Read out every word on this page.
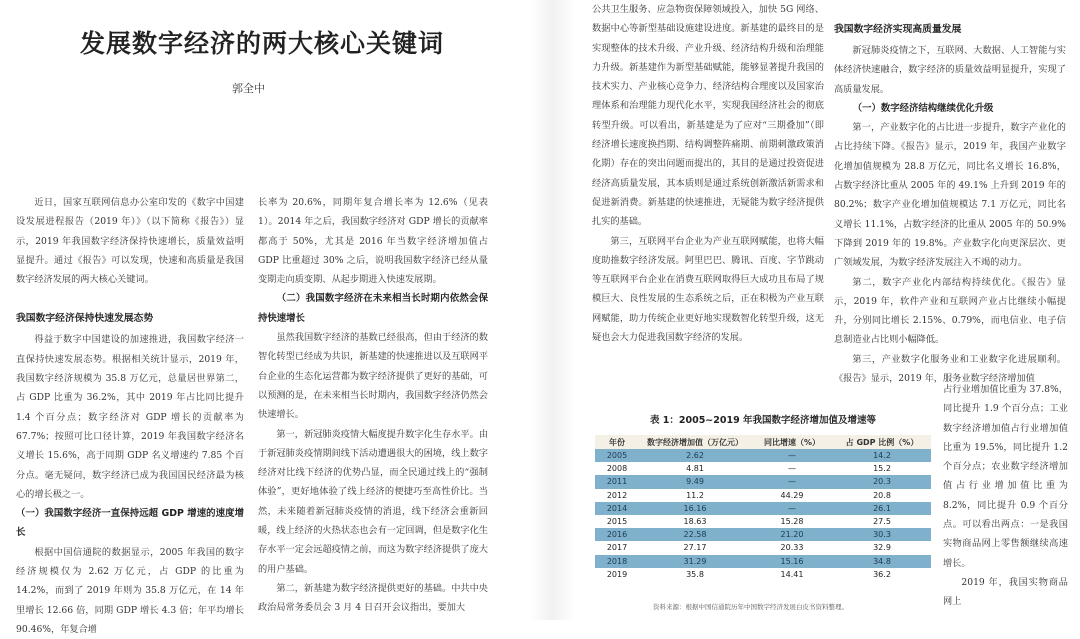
发展数字经济的两大核心关键词

郭全中

近日，国家互联网信息办公室印发的《数字中国建设发展进程报告（2019 年）》（以下简称《报告》）显示，2019 年我国数字经济保持快速增长，质量效益明显提升。通过《报告》可以发现，快速和高质量是我国数字经济发展的两大核心关键词。

我国数字经济保持快速发展态势

得益于数字中国建设的加速推进，我国数字经济一直保持快速发展态势。根据相关统计显示，2019 年，我国数字经济规模为 35.8 万亿元，总量居世界第二，占 GDP 比重为 36.2%，其中 2019 年占比同比提升 1.4 个百分点；数字经济对 GDP 增长的贡献率为 67.7%；按照可比口径计算，2019 年我国数字经济名义增长 15.6%，高于同期 GDP 名义增速约 7.85 个百分点。毫无疑问，数字经济已成为我国国民经济最为核心的增长极之一。

（一）我国数字经济一直保持远超 GDP 增速的速度增长

根据中国信通院的数据显示，2005 年我国的数字经济规模仅为 2.62 万亿元，占 GDP 的比重为 14.2%，而到了 2019 年则为 35.8 万亿元，在 14 年里增长 12.66 倍，同期 GDP 增长 4.3 倍；年平均增长 90.46%，年复合增

长率为 20.6%，同期年复合增长率为 12.6%（见表 1）。2014 年之后，我国数字经济对 GDP 增长的贡献率都高于 50%，尤其是 2016 年当数字经济增加值占 GDP 比重超过 30% 之后，说明我国数字经济已经从量变期走向质变期、从起步期进入快速发展期。

（二）我国数字经济在未来相当长时期内依然会保持快速增长

虽然我国数字经济的基数已经很高，但由于经济的数智化转型已经成为共识，新基建的快速推进以及互联网平台企业的生态化运营都为数字经济提供了更好的基础，可以预测的是，在未来相当长时期内，我国数字经济仍然会快速增长。

第一，新冠肺炎疫情大幅度提升数字化生存水平。由于新冠肺炎疫情期间线下活动遭遇很大的困境，线上数字经济对比线下经济的优势凸显，而全民通过线上的“强制体验”，更好地体验了线上经济的便捷巧至高性价比。当然，未来随着新冠肺炎疫情的消退，线下经济会重新回暖，线上经济的火热状态也会有一定回调，但是数字化生存水平一定会远超疫情之前，而这为数字经济提供了庞大的用户基础。

第二，新基建为数字经济提供更好的基础。中共中央政治局常务委员会 3 月 4 日召开会议指出，要加大

公共卫生服务、应急物资保障领域投入，加快 5G 网络、数据中心等新型基础设施建设进度。新基建的最终目的是实现整体的技术升级、产业升级、经济结构升级和治理能力升级。新基建作为新型基础赋能，能够显著提升我国的技术实力、产业核心竞争力、经济结构合理度以及国家治理体系和治理能力现代化水平，实现我国经济社会的彻底转型升级。可以看出，新基建是为了应对“三期叠加”（即经济增长速度换挡期、结构调整阵痛期、前期刺激政策消化期）存在的突出问题而提出的，其目的是通过投资促进经济高质量发展，其本质则是通过系统创新激活新需求和促进新消费。新基建的快速推进，无疑能为数字经济提供扎实的基础。

第三，互联网平台企业为产业互联网赋能，也将大幅度助推数字经济发展。阿里巴巴、腾讯、百度、字节跳动等互联网平台企业在消费互联网取得巨大成功且布局了规模巨大、良性发展的生态系统之后，正在积极为产业互联网赋能，助力传统企业更好地实现数智化转型升级，这无疑也会大力促进我国数字经济的发展。

我国数字经济实现高质量发展

新冠肺炎疫情之下，互联网、大数据、人工智能与实体经济快速融合，数字经济的质量效益明显提升，实现了高质量发展。

（一）数字经济结构继续优化升级

第一，产业数字化的占比进一步提升，数字产业化的占比持续下降。《报告》显示，2019 年，我国产业数字化增加值规模为 28.8 万亿元，同比名义增长 16.8%，占数字经济比重从 2005 年的 49.1% 上升到 2019 年的 80.2%；数字产业化增加值规模达 7.1 万亿元，同比名义增长 11.1%，占数字经济的比重从 2005 年的 50.9% 下降到 2019 年的 19.8%。产业数字化向更深层次、更广领域发展，为数字经济发展注入不竭的动力。

第二，数字产业化内部结构持续优化。《报告》显示，2019 年，软件产业和互联网产业占比继续小幅提升，分别同比增长 2.15%、0.79%，而电信业、电子信息制造业占比则小幅降低。

第三，产业数字化服务业和工业数字化进展顺利。《报告》显示，2019 年，服务业数字经济增加值

占行业增加值比重为 37.8%，同比提升 1.9 个百分点；工业数字经济增加值占行业增加值比重为 19.5%，同比提升 1.2 个百分点；农业数字经济增加值占行业增加值比重为 8.2%，同比提升 0.9 个百分点。可以看出两点：一是我国实物商品网上零售额继续高速增长。

2019 年，我国实物商品网上

表 1：2005~2019 年我国数字经济增加值及增速等

年份	数字经济增加值（万亿元）	同比增速（%）	占 GDP 比例（%）
2005	2.62	—	14.2
2008	4.81	—	15.2
2011	9.49	—	20.3
2012	11.2	44.29	20.8
2014	16.16	—	26.1
2015	18.63	15.28	27.5
2016	22.58	21.20	30.3
2017	27.17	20.33	32.9
2018	31.29	15.16	34.8
2019	35.8	14.41	36.2

资料来源：根据中国信通院历年中国数字经济发展白皮书资料整理。
